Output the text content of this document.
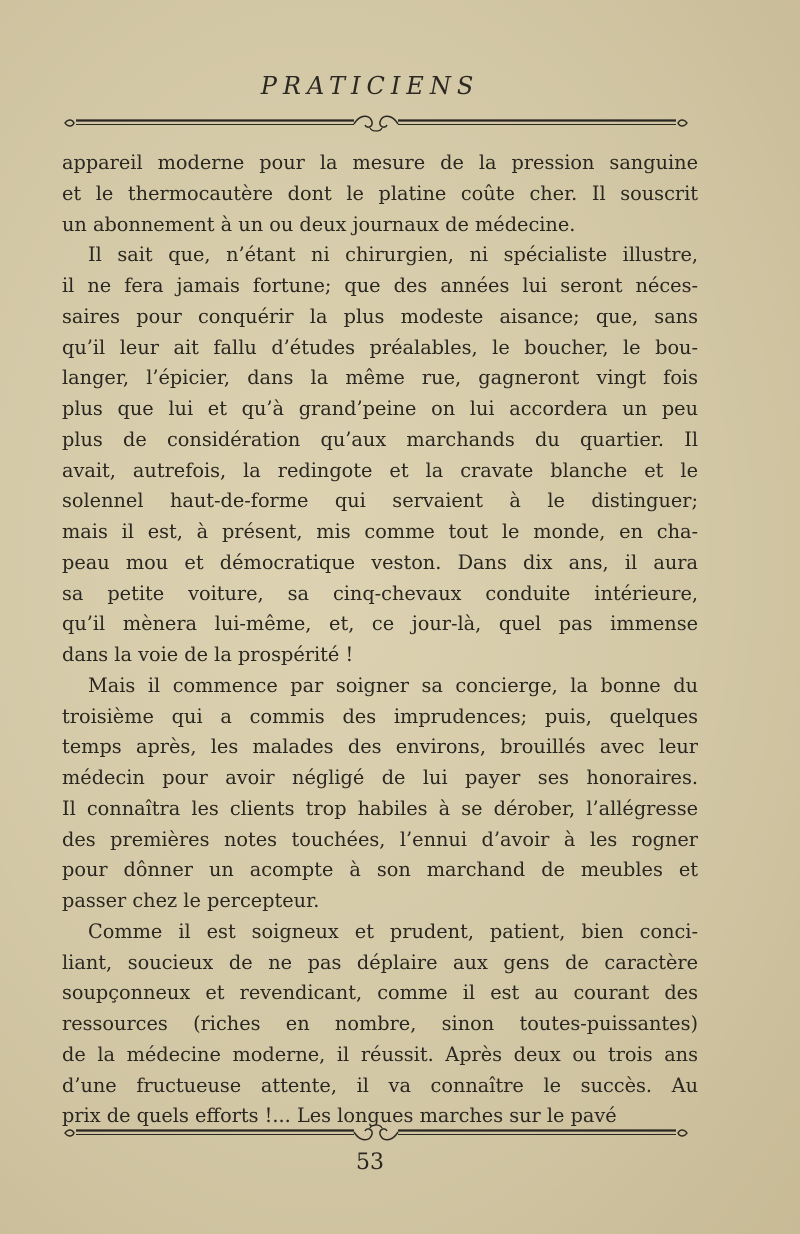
PRATICIENS
appareil moderne pour la mesure de la pression sanguine
et le thermocautère dont le platine coûte cher. Il souscrit
un abonnement à un ou deux journaux de médecine.
Il sait que, n’étant ni chirurgien, ni spécialiste illustre,
il ne fera jamais fortune; que des années lui seront néces-
saires pour conquérir la plus modeste aisance; que, sans
qu’il leur ait fallu d’études préalables, le boucher, le bou-
langer, l’épicier, dans la même rue, gagneront vingt fois
plus que lui et qu’à grand’peine on lui accordera un peu
plus de considération qu’aux marchands du quartier. Il
avait, autrefois, la redingote et la cravate blanche et le
solennel haut-de-forme qui servaient à le distinguer;
mais il est, à présent, mis comme tout le monde, en cha-
peau mou et démocratique veston. Dans dix ans, il aura
sa petite voiture, sa cinq-chevaux conduite intérieure,
qu’il mènera lui-même, et, ce jour-là, quel pas immense
dans la voie de la prospérité !
Mais il commence par soigner sa concierge, la bonne du
troisième qui a commis des imprudences; puis, quelques
temps après, les malades des environs, brouillés avec leur
médecin pour avoir négligé de lui payer ses honoraires.
Il connaîtra les clients trop habiles à se dérober, l’allégresse
des premières notes touchées, l’ennui d’avoir à les rogner
pour dônner un acompte à son marchand de meubles et
passer chez le percepteur.
Comme il est soigneux et prudent, patient, bien conci-
liant, soucieux de ne pas déplaire aux gens de caractère
soupçonneux et revendicant, comme il est au courant des
ressources (riches en nombre, sinon toutes-puissantes)
de la médecine moderne, il réussit. Après deux ou trois ans
d’une fructueuse attente, il va connaître le succès. Au
prix de quels efforts !... Les longues marches sur le pavé
53
